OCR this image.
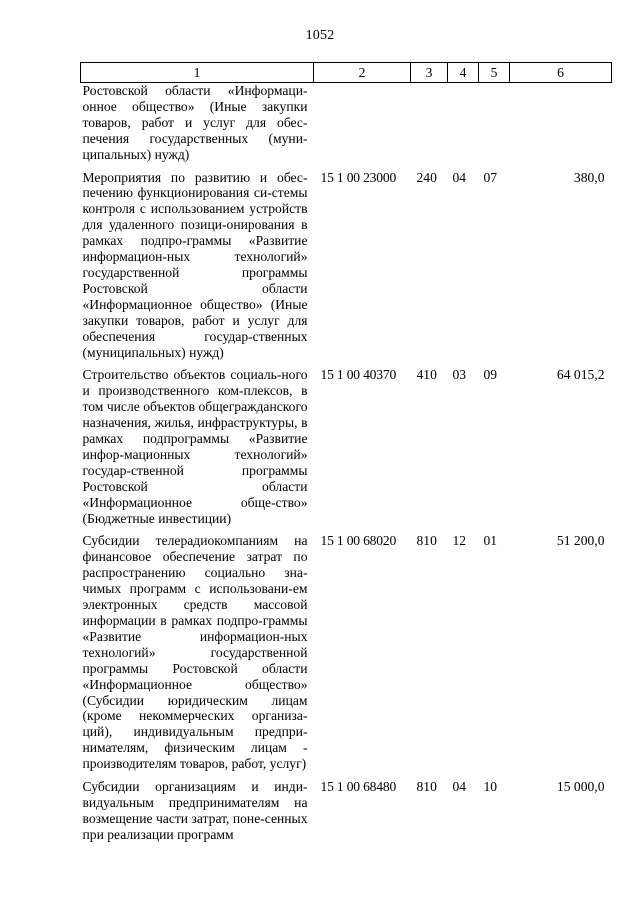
1052
1	2	3	4	5	6
Ростовской области «Информаци-онное общество» (Иные закупки товаров, работ и услуг для обес-печения государственных (муни-ципальных) нужд)					

Мероприятия по развитию и обес-печению функционирования си-стемы контроля с использованием устройств для удаленного позици-онирования в рамках подпро-граммы «Развитие информацион-ных технологий» государственной программы Ростовской области «Информационное общество» (Иные закупки товаров, работ и услуг для обеспечения государ-ственных (муниципальных) нужд)	15 1 00 23000	240	04	07	380,0

Строительство объектов социаль-ного и производственного ком-плексов, в том числе объектов общегражданского назначения, жилья, инфраструктуры, в рамках подпрограммы «Развитие инфор-мационных технологий» государ-ственной программы Ростовской области «Информационное обще-ство» (Бюджетные инвестиции)	15 1 00 40370	410	03	09	64 015,2

Субсидии телерадиокомпаниям на финансовое обеспечение затрат по распространению социально зна-чимых программ с использовани-ем электронных средств массовой информации в рамках подпро-граммы «Развитие информацион-ных технологий» государственной программы Ростовской области «Информационное общество» (Субсидии юридическим лицам (кроме некоммерческих организа-ций), индивидуальным предпри-нимателям, физическим лицам - производителям товаров, работ, услуг)	15 1 00 68020	810	12	01	51 200,0

Субсидии организациям и инди-видуальным предпринимателям на возмещение части затрат, поне-сенных при реализации программ	15 1 00 68480	810	04	10	15 000,0
